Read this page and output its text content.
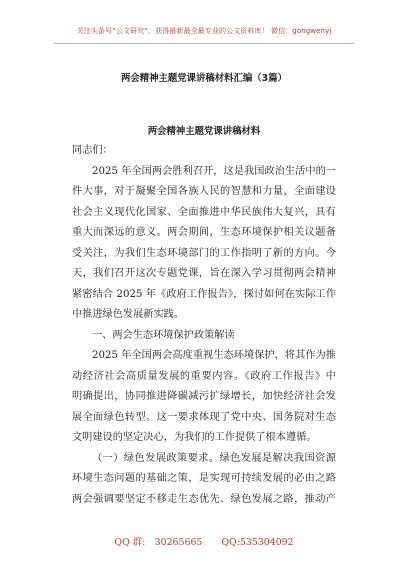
关注头条号“公文研究”，获得最新最全最专业的公文资料库！ 微信：gongwenyj
两会精神主题党课讲稿材料汇编（3篇）
两会精神主题党课讲稿材料
同志们：
2025 年全国两会胜利召开，这是我国政治生活中的一
件大事，对于凝聚全国各族人民的智慧和力量，全面建设
社会主义现代化国家、全面推进中华民族伟大复兴，具有
重大而深远的意义。两会期间，生态环境保护相关议题备
受关注，为我们生态环境部门的工作指明了新的方向。今
天，我们召开这次专题党课，旨在深入学习贯彻两会精神
紧密结合 2025 年《政府工作报告》，探讨如何在实际工作
中推进绿色发展新实践。
一、两会生态环境保护政策解读
2025 年全国两会高度重视生态环境保护，将其作为推
动经济社会高质量发展的重要内容。《政府工作报告》中
明确提出，协同推进降碳减污扩绿增长，加快经济社会发
展全面绿色转型。这一要求体现了党中央、国务院对生态
文明建设的坚定决心，为我们的工作提供了根本遵循。
（一）绿色发展政策要求。绿色发展是解决我国资源
环境生态问题的基础之策，是实现可持续发展的必由之路
两会强调要坚定不移走生态优先、绿色发展之路，推动产
QQ 群:　30265665 QQ:535304092
